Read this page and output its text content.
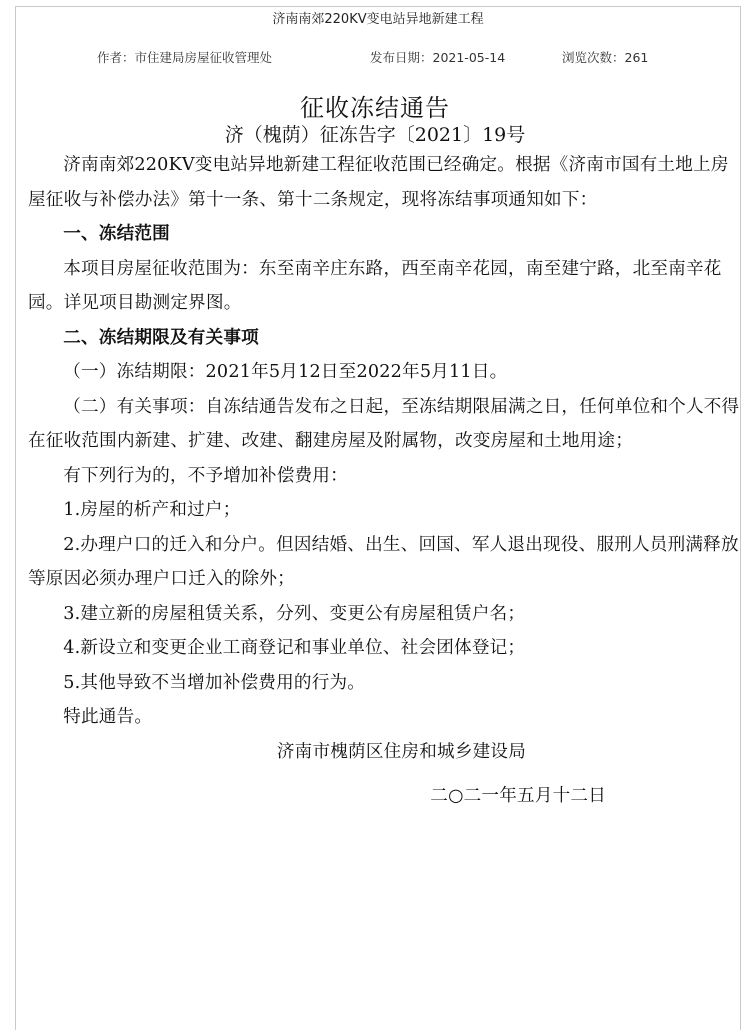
济南南郊220KV变电站异地新建工程
作者：市住建局房屋征收管理处	发布日期：2021-05-14	浏览次数：261
征收冻结通告
济（槐荫）征冻告字〔2021〕19号

济南南郊220KV变电站异地新建工程征收范围已经确定。根据《济南市国有土地上房屋征收与补偿办法》第十一条、第十二条规定，现将冻结事项通知如下：

一、冻结范围

本项目房屋征收范围为：东至南辛庄东路，西至南辛花园，南至建宁路，北至南辛花园。详见项目勘测定界图。

二、冻结期限及有关事项

（一）冻结期限：2021年5月12日至2022年5月11日。

（二）有关事项：自冻结通告发布之日起，至冻结期限届满之日，任何单位和个人不得在征收范围内新建、扩建、改建、翻建房屋及附属物，改变房屋和土地用途；

有下列行为的，不予增加补偿费用：

1.房屋的析产和过户；

2.办理户口的迁入和分户。但因结婚、出生、回国、军人退出现役、服刑人员刑满释放等原因必须办理户口迁入的除外；

3.建立新的房屋租赁关系，分列、变更公有房屋租赁户名；

4.新设立和变更企业工商登记和事业单位、社会团体登记；

5.其他导致不当增加补偿费用的行为。

特此通告。

济南市槐荫区住房和城乡建设局

二○二一年五月十二日
